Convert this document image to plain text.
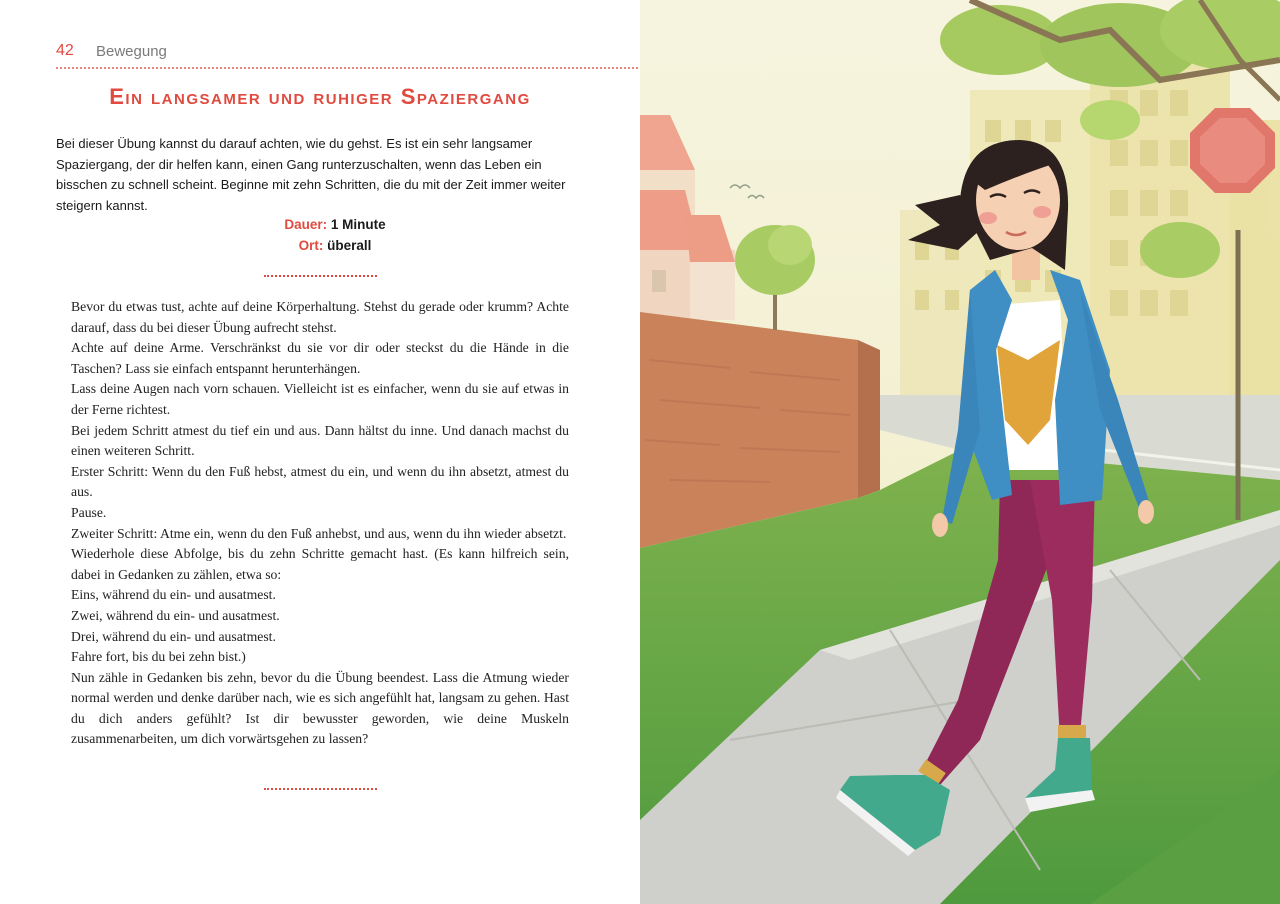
42 Bewegung
Ein langsamer und ruhiger Spaziergang

Bei dieser Übung kannst du darauf achten, wie du gehst. Es ist ein sehr langsamer Spaziergang, der dir helfen kann, einen Gang runterzuschalten, wenn das Leben ein bisschen zu schnell scheint. Beginne mit zehn Schritten, die du mit der Zeit immer weiter steigern kannst.

Dauer: 1 Minute
Ort: überall

Bevor du etwas tust, achte auf deine Körperhaltung. Stehst du gerade oder krumm? Achte darauf, dass du bei dieser Übung aufrecht stehst.

Achte auf deine Arme. Verschränkst du sie vor dir oder steckst du die Hände in die Taschen? Lass sie einfach entspannt herunterhängen.

Lass deine Augen nach vorn schauen. Vielleicht ist es einfacher, wenn du sie auf etwas in der Ferne richtest.

Bei jedem Schritt atmest du tief ein und aus. Dann hältst du inne. Und danach machst du einen weiteren Schritt.

Erster Schritt: Wenn du den Fuß hebst, atmest du ein, und wenn du ihn absetzt, atmest du aus.

Pause.

Zweiter Schritt: Atme ein, wenn du den Fuß anhebst, und aus, wenn du ihn wieder absetzt.

Wiederhole diese Abfolge, bis du zehn Schritte gemacht hast. (Es kann hilfreich sein, dabei in Gedanken zu zählen, etwa so:

Eins, während du ein- und ausatmest.

Zwei, während du ein- und ausatmest.

Drei, während du ein- und ausatmest.

Fahre fort, bis du bei zehn bist.)

Nun zähle in Gedanken bis zehn, bevor du die Übung beendest. Lass die Atmung wieder normal werden und denke darüber nach, wie es sich angefühlt hat, langsam zu gehen. Hast du dich anders gefühlt? Ist dir bewusster geworden, wie deine Muskeln zusammenarbeiten, um dich vorwärtsgehen zu lassen?
